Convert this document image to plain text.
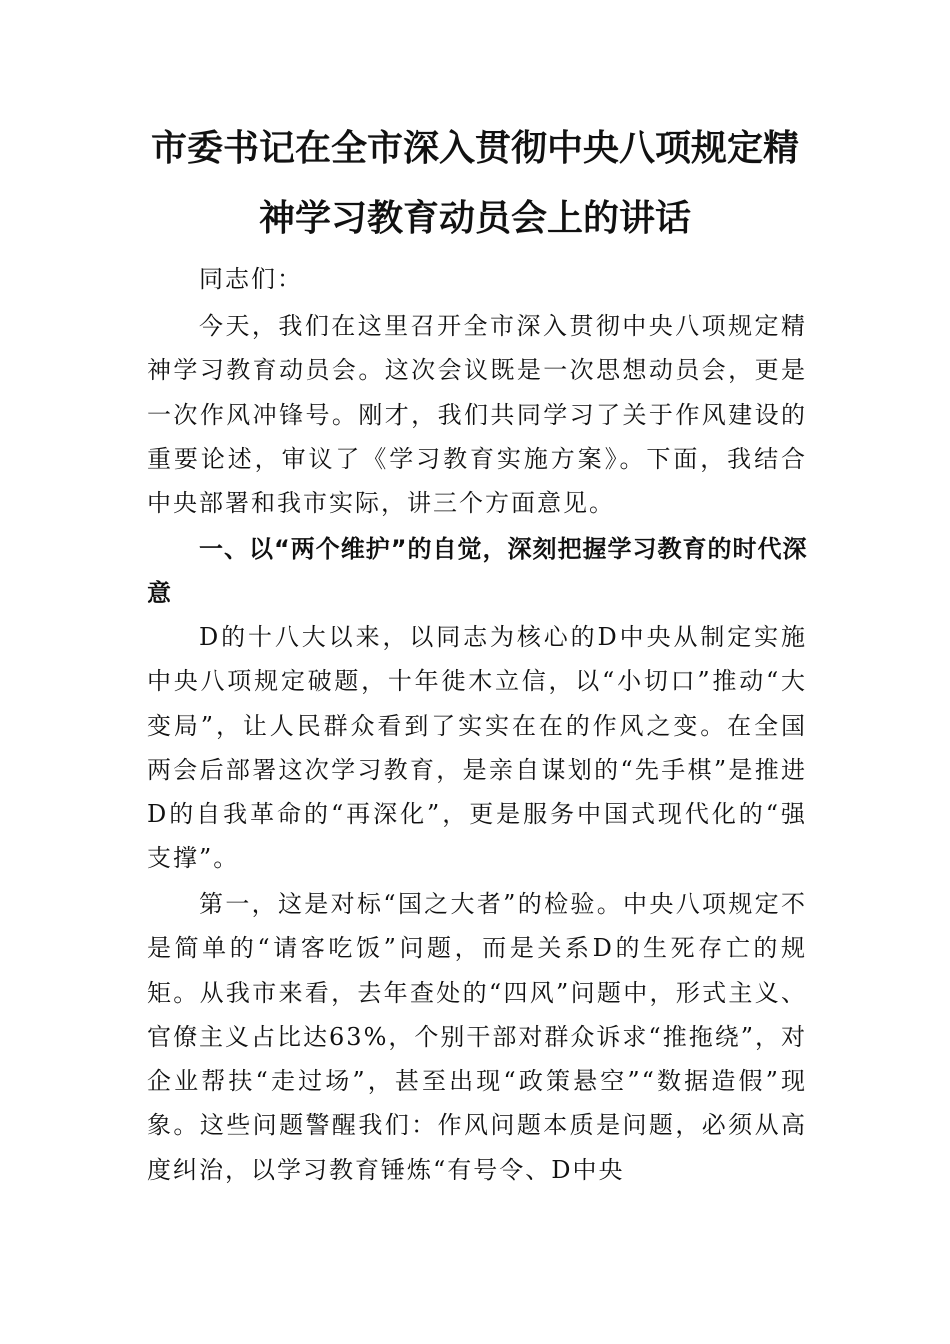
市委书记在全市深入贯彻中央八项规定精
神学习教育动员会上的讲话
同志们：
今天，我们在这里召开全市深入贯彻中央八项规定精神学习教育动员会。这次会议既是一次思想动员会，更是一次作风冲锋号。刚才，我们共同学习了关于作风建设的重要论述，审议了《学习教育实施方案》。下面，我结合中央部署和我市实际，讲三个方面意见。
一、以“两个维护”的自觉，深刻把握学习教育的时代深意
D的十八大以来，以同志为核心的D中央从制定实施中央八项规定破题，十年徙木立信，以“小切口”推动“大变局”，让人民群众看到了实实在在的作风之变。在全国两会后部署这次学习教育，是亲自谋划的“先手棋”是推进D的自我革命的“再深化”，更是服务中国式现代化的“强支撑”。
第一，这是对标“国之大者”的检验。中央八项规定不是简单的“请客吃饭”问题，而是关系D的生死存亡的规矩。从我市来看，去年查处的“四风”问题中，形式主义、官僚主义占比达63%，个别干部对群众诉求“推拖绕”，对企业帮扶“走过场”，甚至出现“政策悬空”“数据造假”现象。这些问题警醒我们：作风问题本质是问题，必须从高度纠治，以学习教育锤炼“有号令、D中央
